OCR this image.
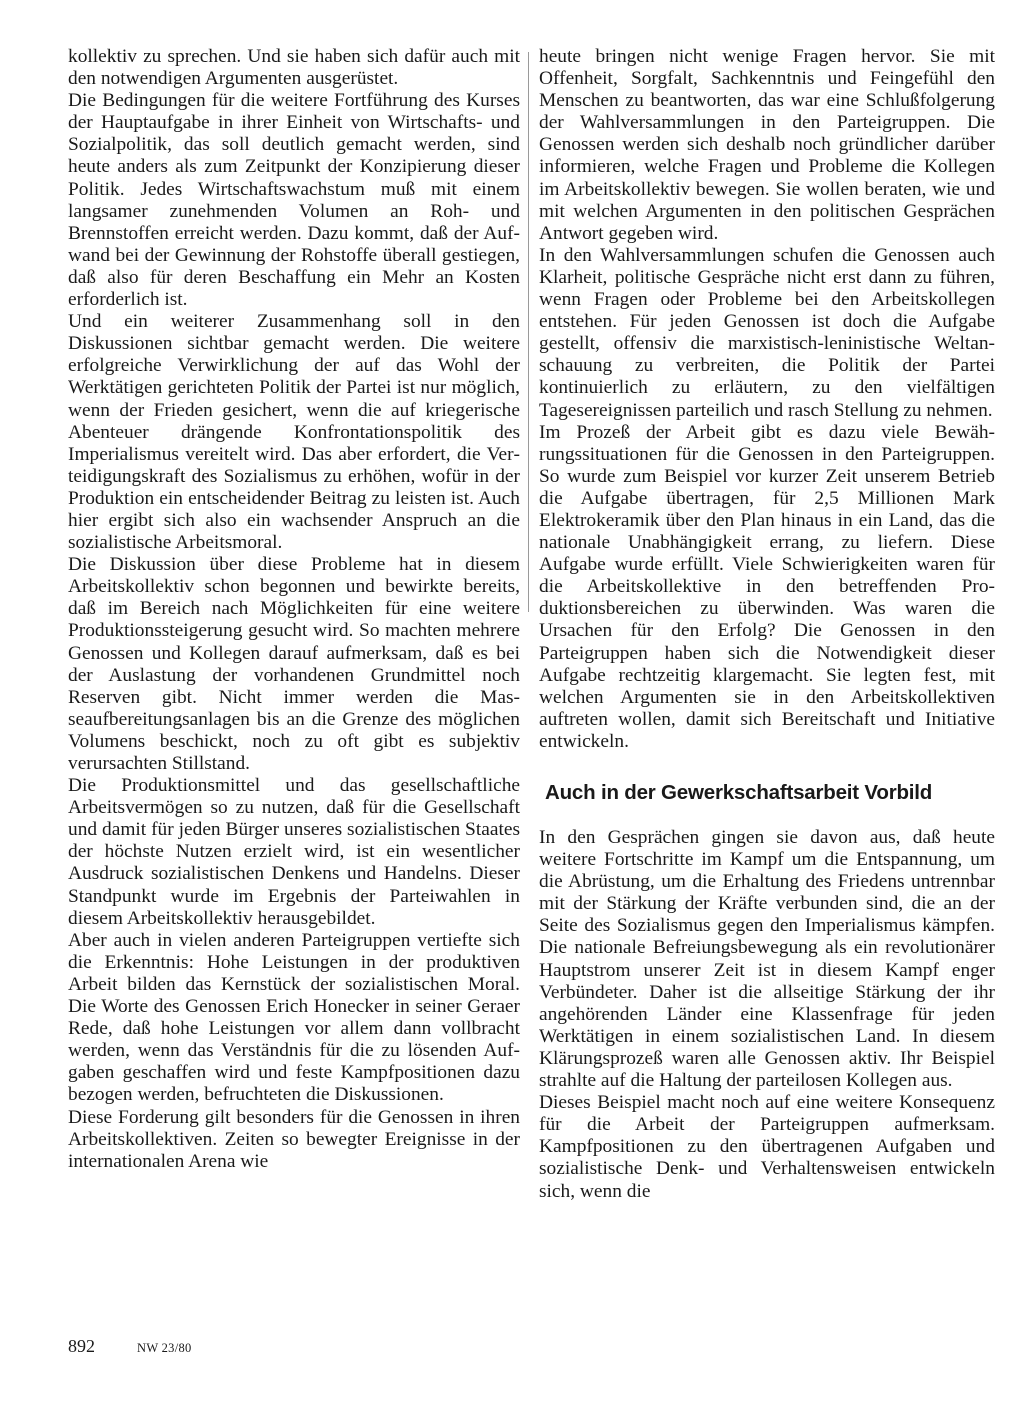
kollektiv zu sprechen. Und sie haben sich dafür auch mit den notwendigen Argumenten ausgerüstet.

Die Bedingungen für die weitere Fortführung des Kurses der Hauptaufgabe in ihrer Einheit von Wirtschafts- und Sozialpolitik, das soll deutlich gemacht werden, sind heute anders als zum Zeitpunkt der Konzipierung dieser Politik. Jedes Wirtschaftswachstum muß mit einem langsamer zunehmenden Volumen an Roh- und Brennstoffen erreicht werden. Dazu kommt, daß der Aufwand bei der Gewinnung der Rohstoffe überall gestiegen, daß also für deren Beschaffung ein Mehr an Kosten erforderlich ist.

Und ein weiterer Zusammenhang soll in den Diskussionen sichtbar gemacht werden. Die weitere erfolgreiche Verwirklichung der auf das Wohl der Werktätigen gerichteten Politik der Partei ist nur möglich, wenn der Frieden gesichert, wenn die auf kriegerische Abenteuer drängende Konfrontationspolitik des Imperialismus vereitelt wird. Das aber erfordert, die Verteidigungskraft des Sozialismus zu erhöhen, wofür in der Produktion ein entscheidender Beitrag zu leisten ist. Auch hier ergibt sich also ein wachsender Anspruch an die sozialistische Arbeitsmoral.

Die Diskussion über diese Probleme hat in diesem Arbeitskollektiv schon begonnen und bewirkte bereits, daß im Bereich nach Möglichkeiten für eine weitere Produktionssteigerung gesucht wird. So machten mehrere Genossen und Kollegen darauf aufmerksam, daß es bei der Auslastung der vorhandenen Grundmittel noch Reserven gibt. Nicht immer werden die Masseaufbereitungsanlagen bis an die Grenze des möglichen Volumens beschickt, noch zu oft gibt es subjektiv verursachten Stillstand.

Die Produktionsmittel und das gesellschaftliche Arbeitsvermögen so zu nutzen, daß für die Gesellschaft und damit für jeden Bürger unseres sozialistischen Staates der höchste Nutzen erzielt wird, ist ein wesentlicher Ausdruck sozialistischen Denkens und Handelns. Dieser Standpunkt wurde im Ergebnis der Parteiwahlen in diesem Arbeitskollektiv herausgebildet.

Aber auch in vielen anderen Parteigruppen vertiefte sich die Erkenntnis: Hohe Leistungen in der produktiven Arbeit bilden das Kernstück der sozialistischen Moral. Die Worte des Genossen Erich Honecker in seiner Geraer Rede, daß hohe Leistungen vor allem dann vollbracht werden, wenn das Verständnis für die zu lösenden Aufgaben geschaffen wird und feste Kampfpositionen dazu bezogen werden, befruchteten die Diskussionen.

Diese Forderung gilt besonders für die Genossen in ihren Arbeitskollektiven. Zeiten so bewegter Ereignisse in der internationalen Arena wie

heute bringen nicht wenige Fragen hervor. Sie mit Offenheit, Sorgfalt, Sachkenntnis und Feingefühl den Menschen zu beantworten, das war eine Schlußfolgerung der Wahlversammlungen in den Parteigruppen. Die Genossen werden sich deshalb noch gründlicher darüber informieren, welche Fragen und Probleme die Kollegen im Arbeitskollektiv bewegen. Sie wollen beraten, wie und mit welchen Argumenten in den politischen Gesprächen Antwort gegeben wird.

In den Wahlversammlungen schufen die Genossen auch Klarheit, politische Gespräche nicht erst dann zu führen, wenn Fragen oder Probleme bei den Arbeitskollegen entstehen. Für jeden Genossen ist doch die Aufgabe gestellt, offensiv die marxistisch-leninistische Weltanschauung zu verbreiten, die Politik der Partei kontinuierlich zu erläutern, zu den vielfältigen Tagesereignissen parteilich und rasch Stellung zu nehmen.

Im Prozeß der Arbeit gibt es dazu viele Bewährungssituationen für die Genossen in den Parteigruppen. So wurde zum Beispiel vor kurzer Zeit unserem Betrieb die Aufgabe übertragen, für 2,5 Millionen Mark Elektrokeramik über den Plan hinaus in ein Land, das die nationale Unabhängigkeit errang, zu liefern. Diese Aufgabe wurde erfüllt. Viele Schwierigkeiten waren für die Arbeitskollektive in den betreffenden Produktionsbereichen zu überwinden. Was waren die Ursachen für den Erfolg? Die Genossen in den Parteigruppen haben sich die Notwendigkeit dieser Aufgabe rechtzeitig klargemacht. Sie legten fest, mit welchen Argumenten sie in den Arbeitskollektiven auftreten wollen, damit sich Bereitschaft und Initiative entwickeln.

Auch in der Gewerkschaftsarbeit Vorbild

In den Gesprächen gingen sie davon aus, daß heute weitere Fortschritte im Kampf um die Entspannung, um die Abrüstung, um die Erhaltung des Friedens untrennbar mit der Stärkung der Kräfte verbunden sind, die an der Seite des Sozialismus gegen den Imperialismus kämpfen. Die nationale Befreiungsbewegung als ein revolutionärer Hauptstrom unserer Zeit ist in diesem Kampf enger Verbündeter. Daher ist die allseitige Stärkung der ihr angehörenden Länder eine Klassenfrage für jeden Werktätigen in einem sozialistischen Land. In diesem Klärungsprozeß waren alle Genossen aktiv. Ihr Beispiel strahlte auf die Haltung der parteilosen Kollegen aus.

Dieses Beispiel macht noch auf eine weitere Konsequenz für die Arbeit der Parteigruppen aufmerksam. Kampfpositionen zu den übertragenen Aufgaben und sozialistische Denk- und Verhaltensweisen entwickeln sich, wenn die

892	NW 23/80
